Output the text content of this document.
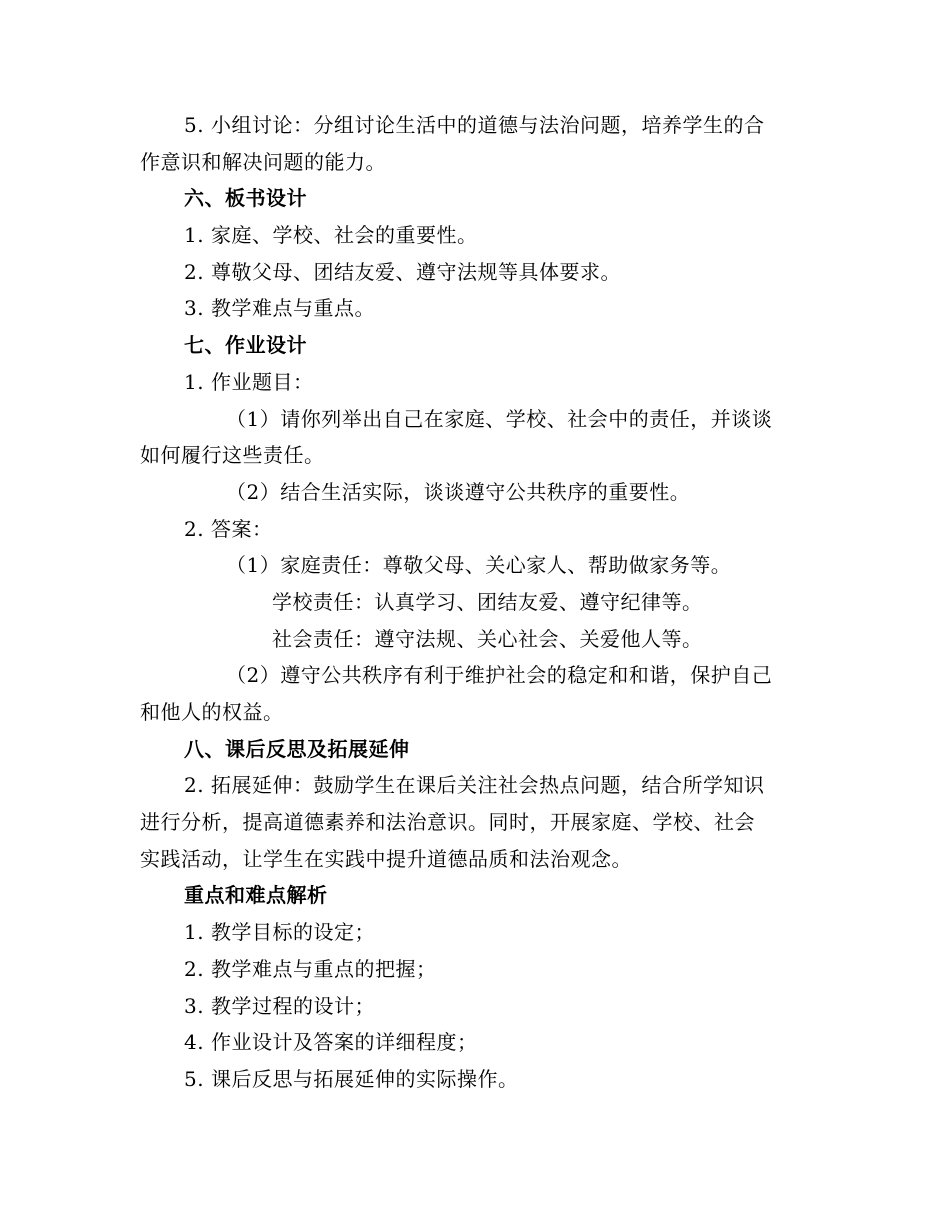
5. 小组讨论：分组讨论生活中的道德与法治问题，培养学生的合
作意识和解决问题的能力。
六、板书设计
1. 家庭、学校、社会的重要性。
2. 尊敬父母、团结友爱、遵守法规等具体要求。
3. 教学难点与重点。
七、作业设计
1. 作业题目：
（1）请你列举出自己在家庭、学校、社会中的责任，并谈谈
如何履行这些责任。
（2）结合生活实际，谈谈遵守公共秩序的重要性。
2. 答案：
（1）家庭责任：尊敬父母、关心家人、帮助做家务等。
学校责任：认真学习、团结友爱、遵守纪律等。
社会责任：遵守法规、关心社会、关爱他人等。
（2）遵守公共秩序有利于维护社会的稳定和和谐，保护自己
和他人的权益。
八、课后反思及拓展延伸
2. 拓展延伸：鼓励学生在课后关注社会热点问题，结合所学知识
进行分析，提高道德素养和法治意识。同时，开展家庭、学校、社会
实践活动，让学生在实践中提升道德品质和法治观念。
重点和难点解析
1. 教学目标的设定；
2. 教学难点与重点的把握；
3. 教学过程的设计；
4. 作业设计及答案的详细程度；
5. 课后反思与拓展延伸的实际操作。
